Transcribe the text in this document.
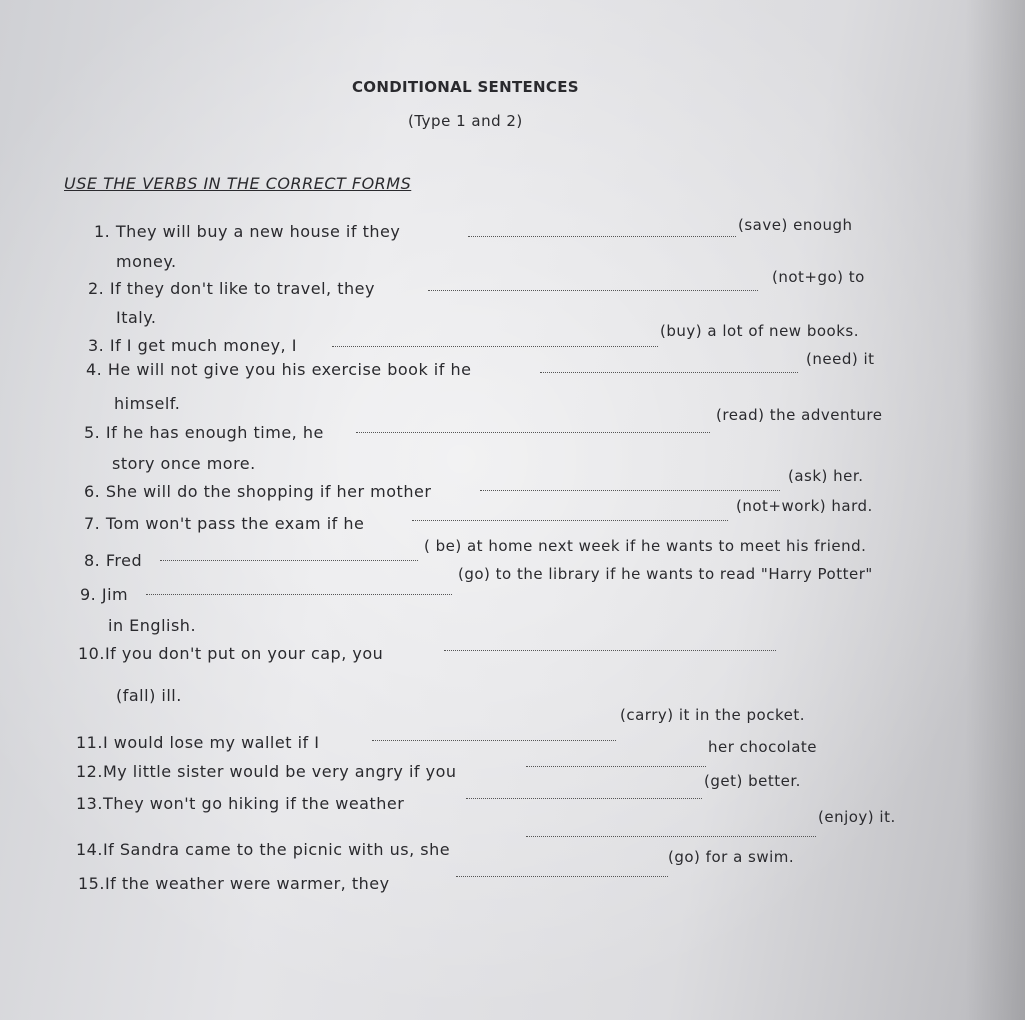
CONDITIONAL SENTENCES
(Type 1 and 2)
USE THE VERBS IN THE CORRECT FORMS
1. They will buy a new house if they	(save) enough
money.
2. If they don't like to travel, they
(not+go) to
Italy.
3. If I get much money, I
(buy) a lot of new books.
4. He will not give you his exercise book if he
(need) it
himself.
5. If he has enough time, he
(read) the adventure
story once more.
6. She will do the shopping if her mother
(ask) her.
7. Tom won't pass the exam if he
(not+work) hard.
8. Fred
( be) at home next week if he wants to meet his friend.
9. Jim
(go) to the library if he wants to read "Harry Potter"
in English.
10.If you don't put on your cap, you
(fall) ill.
11.I would lose my wallet if I
(carry) it in the pocket.
12.My little sister would be very angry if you
her chocolate
13.They won't go hiking if the weather
(get) better.
14.If Sandra came to the picnic with us, she
(enjoy) it.
15.If the weather were warmer, they
(go) for a swim.
